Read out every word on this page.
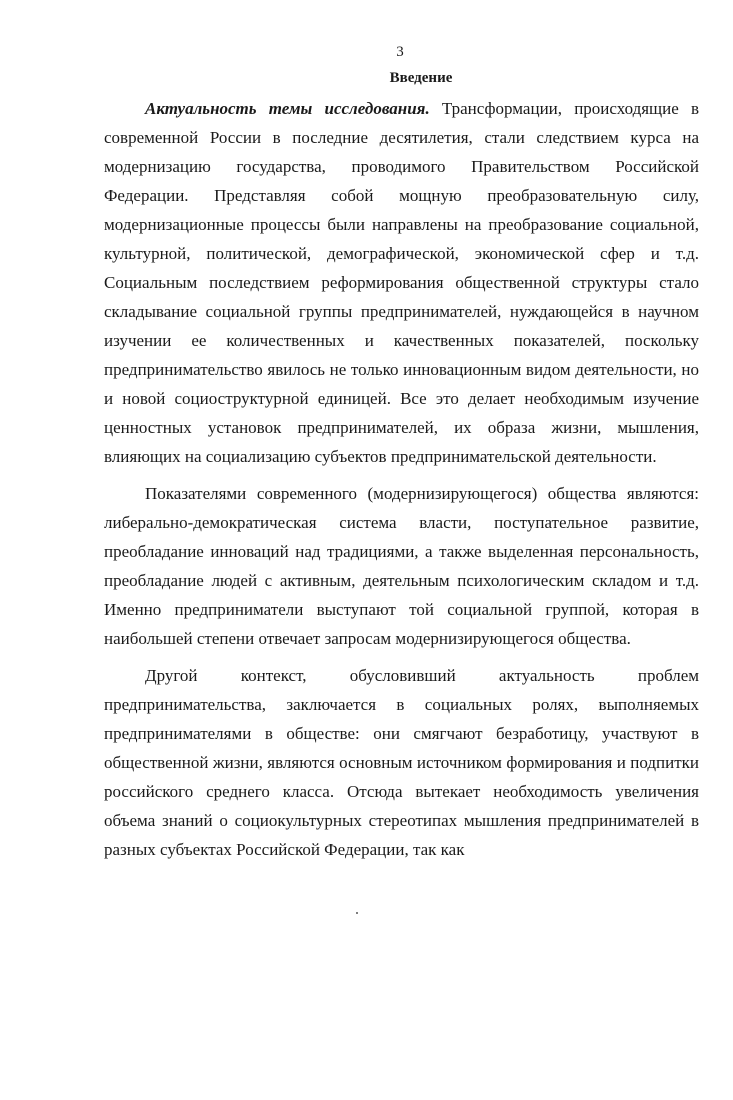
3
Введение

Актуальность темы исследования. Трансформации, происходящие в современной России в последние десятилетия, стали следствием курса на модернизацию государства, проводимого Правительством Российской Федерации. Представляя собой мощную преобразовательную силу, модернизационные процессы были направлены на преобразование социальной, культурной, политической, демографической, экономической сфер и т.д. Социальным последствием реформирования общественной структуры стало складывание социальной группы предпринимателей, нуждающейся в научном изучении ее количественных и качественных показателей, поскольку предпринимательство явилось не только инновационным видом деятельности, но и новой социоструктурной единицей. Все это делает необходимым изучение ценностных установок предпринимателей, их образа жизни, мышления, влияющих на социализацию субъектов предпринимательской деятельности.

Показателями современного (модернизирующегося) общества являются: либерально-демократическая система власти, поступательное развитие, преобладание инноваций над традициями, а также выделенная персональность, преобладание людей с активным, деятельным психологическим складом и т.д. Именно предприниматели выступают той социальной группой, которая в наибольшей степени отвечает запросам модернизирующегося общества.

Другой контекст, обусловивший актуальность проблем предпринимательства, заключается в социальных ролях, выполняемых предпринимателями в обществе: они смягчают безработицу, участвуют в общественной жизни, являются основным источником формирования и подпитки российского среднего класса. Отсюда вытекает необходимость увеличения объема знаний о социокультурных стереотипах мышления предпринимателей в разных субъектах Российской Федерации, так как
